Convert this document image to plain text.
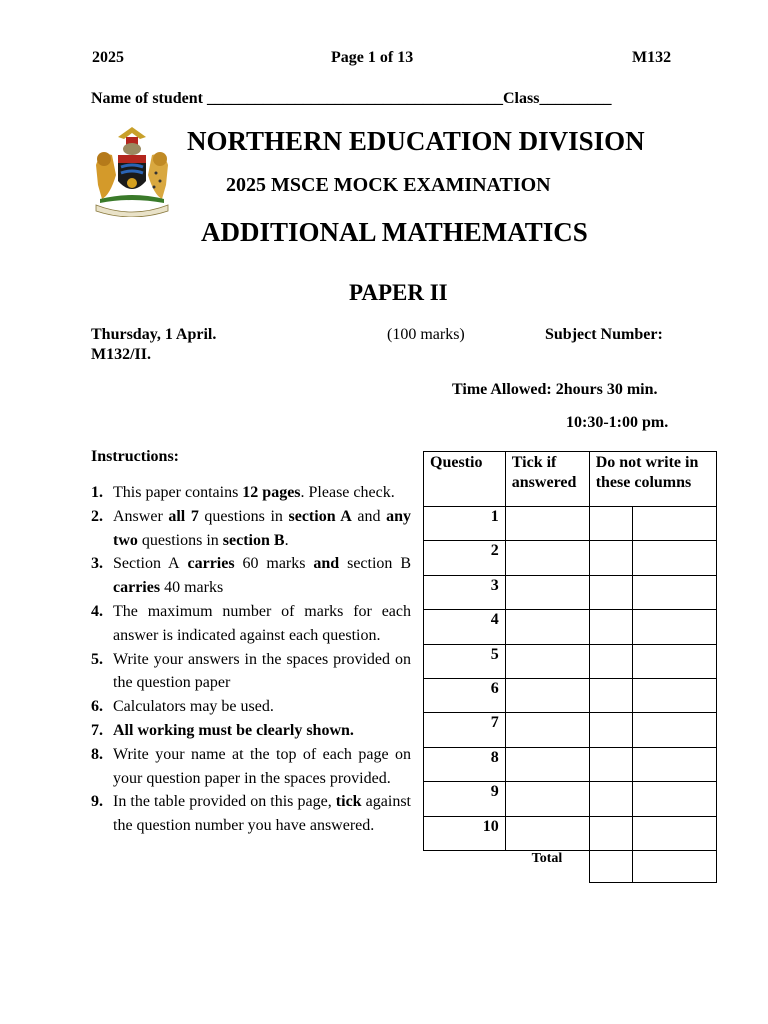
2025	Page 1 of 13	M132
Name of student _____________________________________Class_________
NORTHERN EDUCATION DIVISION
2025 MSCE MOCK EXAMINATION
ADDITIONAL MATHEMATICS
PAPER II
Thursday, 1 April.	(100 marks)	Subject Number:
M132/II.
Time Allowed: 2hours 30 min.
10:30-1:00 pm.
Instructions:
1. This paper contains 12 pages. Please check.
2. Answer all 7 questions in section A and any two questions in section B.
3. Section A carries 60 marks and section B carries 40 marks
4. The maximum number of marks for each answer is indicated against each question.
5. Write your answers in the spaces provided on the question paper
6. Calculators may be used.
7. All working must be clearly shown.
8. Write your name at the top of each page on your question paper in the spaces provided.
9. In the table provided on this page, tick against the question number you have answered.
Questio	Tick if answered	Do not write in these columns	
1			
2			
3			
4			
5			
6			
7			
8			
9			
10			
	Total		
